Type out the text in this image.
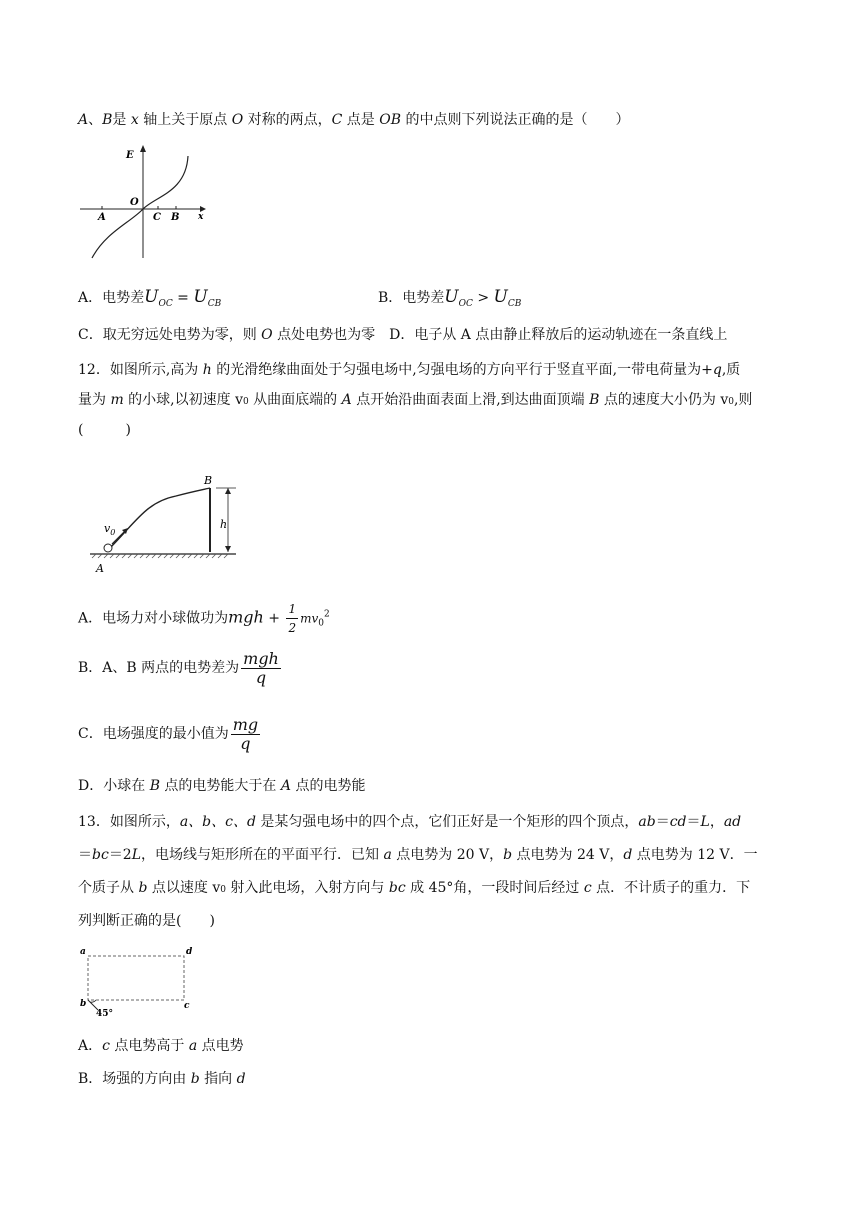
A、B是 x 轴上关于原点 O 对称的两点，C 点是 OB 的中点则下列说法正确的是（　　）
E
O
A	C B x
A．电势差$U_{OC} = U_{CB}$	B．电势差$U_{OC} > U_{CB}$
C．取无穷远处电势为零，则 O 点处电势也为零　D．电子从 A 点由静止释放后的运动轨迹在一条直线上
12．如图所示,高为 h 的光滑绝缘曲面处于匀强电场中,匀强电场的方向平行于竖直平面,一带电荷量为+q,质
量为 m 的小球,以初速度 v0 从曲面底端的 A 点开始沿曲面表面上滑,到达曲面顶端 B 点的速度大小仍为 v0,则
(　　　)
B
h
$v_0$
A
A．电场力对小球做功为mgh + $\frac{1}{2} mv_0^2$
B．A、B 两点的电势差为 $\frac{\text{mgh}}{q}$
C．电场强度的最小值为 $\frac{mg}{q}$
D．小球在 B 点的电势能大于在 A 点的电势能
13．如图所示，a、b、c、d 是某匀强电场中的四个点，它们正好是一个矩形的四个顶点，ab＝cd＝L，ad
＝bc＝2L，电场线与矩形所在的平面平行．已知 a 点电势为 20 V，b 点电势为 24 V，d 点电势为 12 V．一
个质子从 b 点以速度 v0 射入此电场，入射方向与 bc 成 45°角，一段时间后经过 c 点．不计质子的重力．下
列判断正确的是(　　)
a	d
b	c
45°
A．c 点电势高于 a 点电势
B．场强的方向由 b 指向 d
